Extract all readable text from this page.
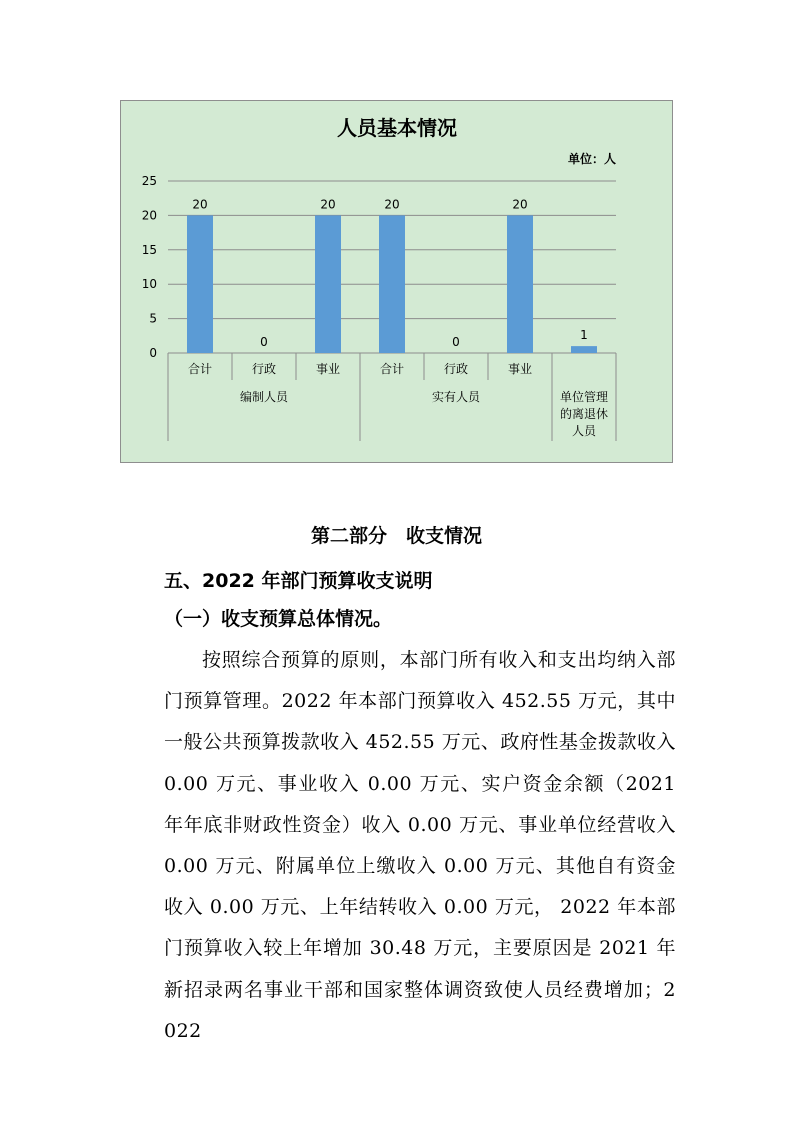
人员基本情况
单位：人
0
5
10
15
20
25
20
0
20	20
0
20
1
合计	行政	事业	合计	行政	事业
单位管理
的离退休
人员
编制人员	实有人员
第二部分　收支情况
五、2022 年部门预算收支说明
（一）收支预算总体情况。

按照综合预算的原则，本部门所有收入和支出均纳入部门预算管理。2022 年本部门预算收入 452.55 万元，其中一般公共预算拨款收入 452.55 万元、政府性基金拨款收入 0.00 万元、事业收入 0.00 万元、实户资金余额（2021 年年底非财政性资金）收入 0.00 万元、事业单位经营收入 0.00 万元、附属单位上缴收入 0.00 万元、其他自有资金收入 0.00 万元、上年结转收入 0.00 万元， 2022 年本部门预算收入较上年增加 30.48 万元，主要原因是 2021 年新招录两名事业干部和国家整体调资致使人员经费增加；2022
